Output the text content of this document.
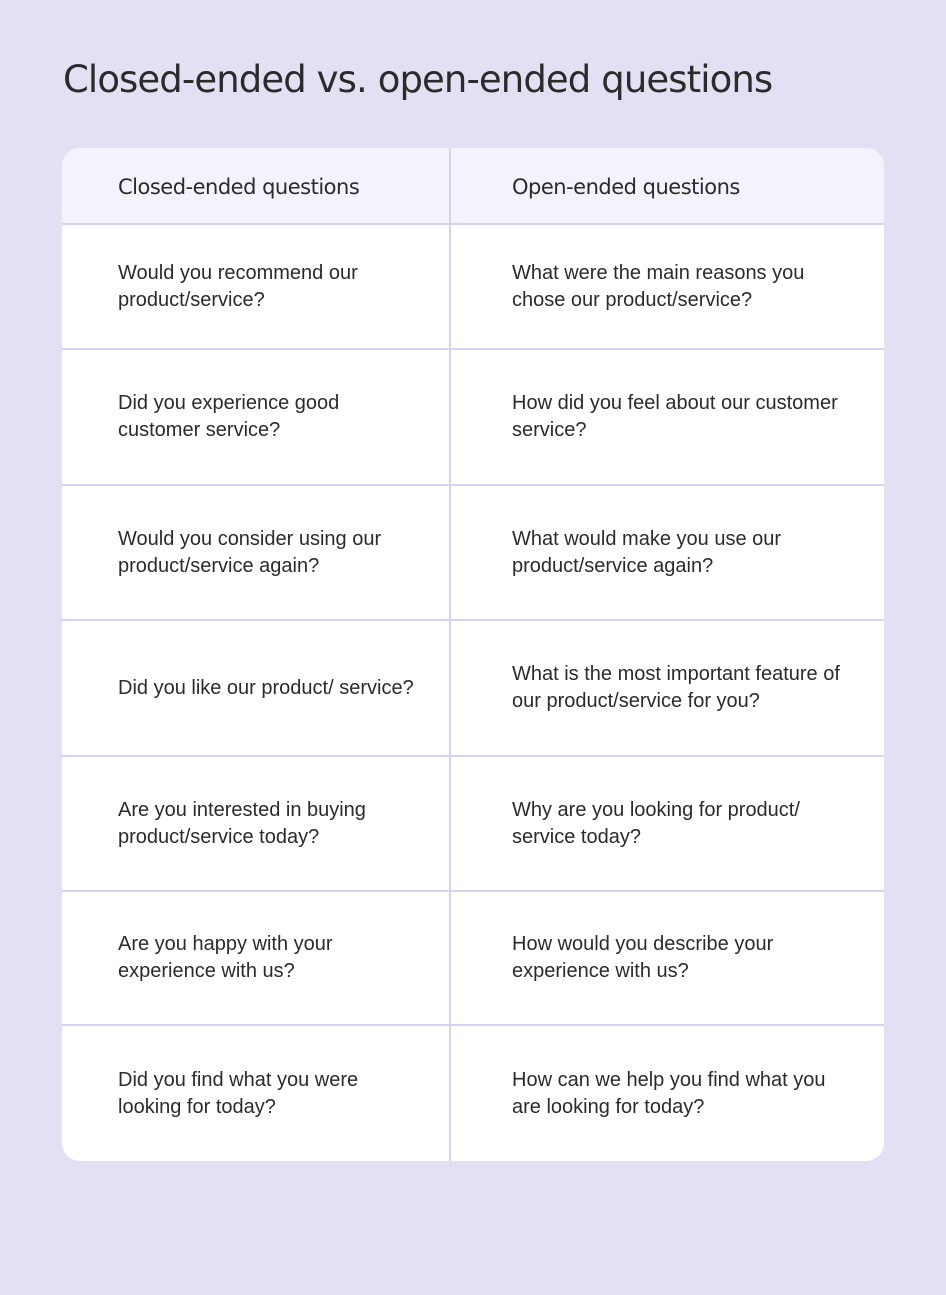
Closed-ended vs. open-ended questions
Closed-ended questions	Open-ended questions
Would you recommend our product/service?
What were the main reasons you chose our product/service?
Did you experience good customer service?
How did you feel about our customer service?
Would you consider using our product/service again?
What would make you use our product/service again?
Did you like our product/ service?
What is the most important feature of our product/service for you?
Are you interested in buying product/service today?
Why are you looking for product/ service today?
Are you happy with your experience with us?
How would you describe your experience with us?
Did you find what you were looking for today?
How can we help you find what you are looking for today?
